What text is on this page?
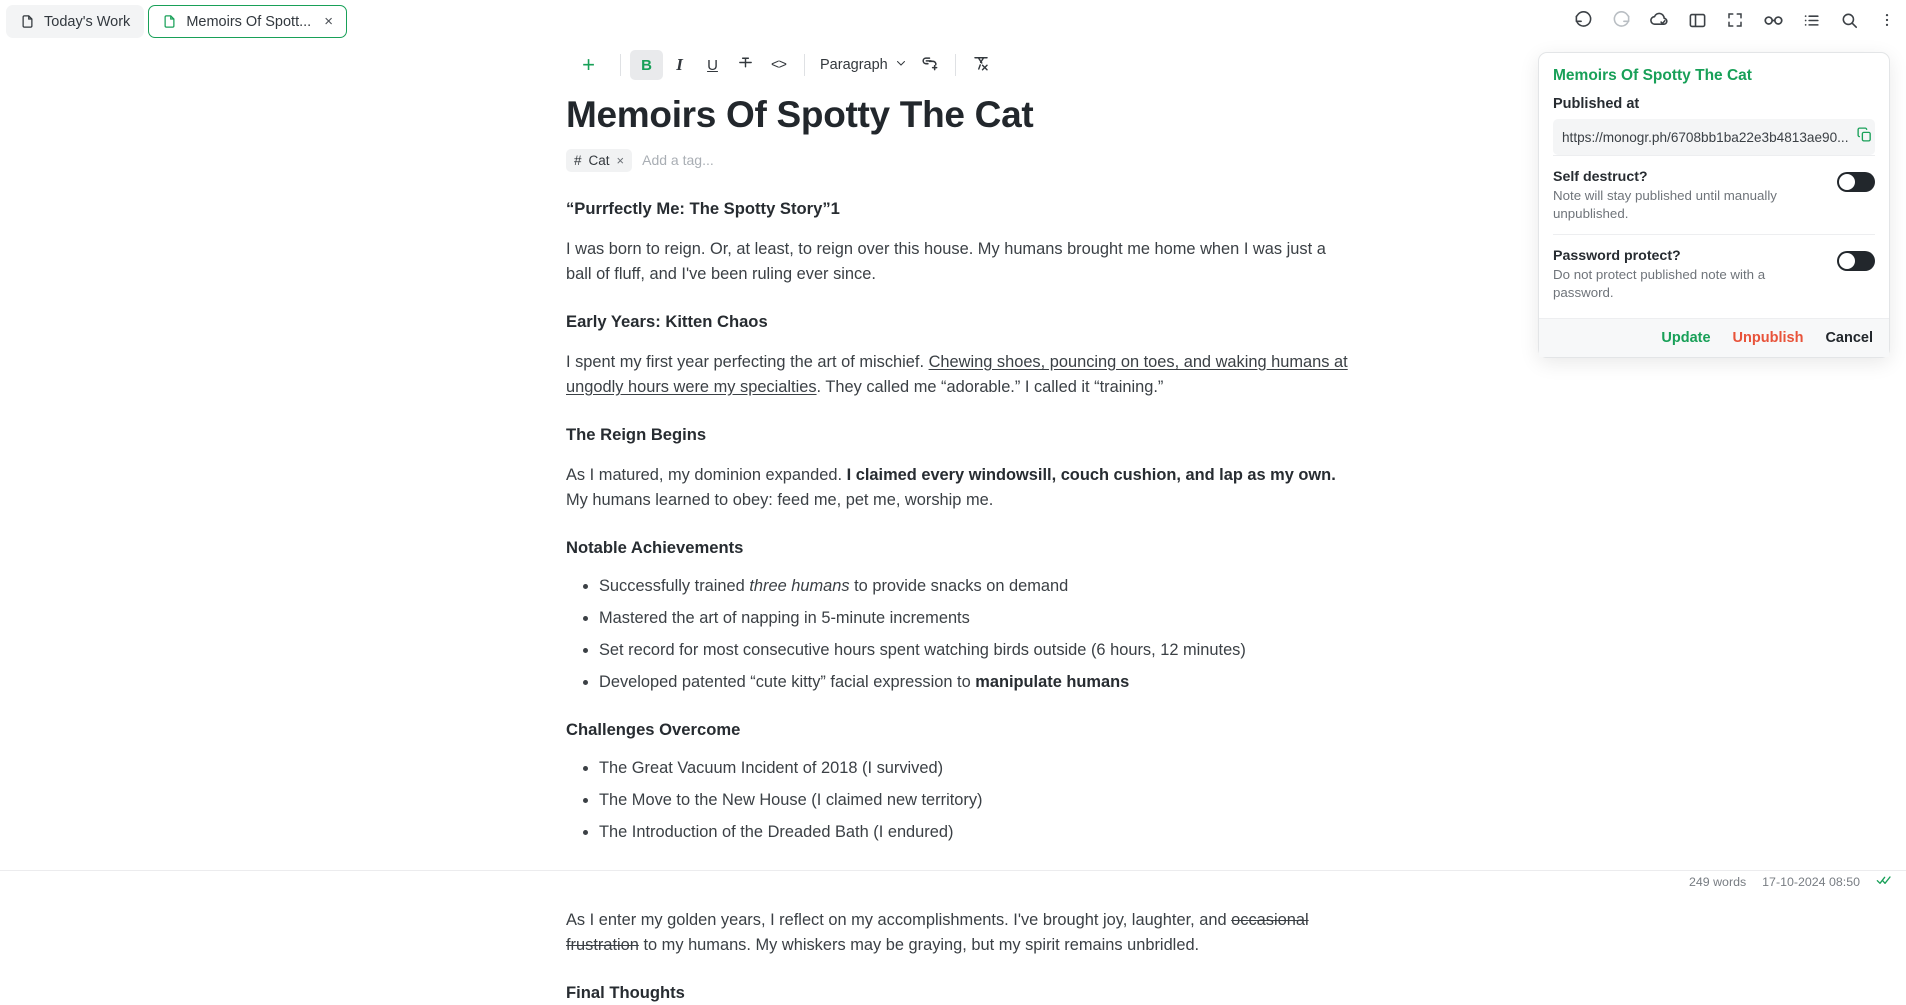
Today's Work	Memoirs Of Spott... ×
+	B I U	<> Paragraph
Memoirs Of Spotty The Cat
# Cat × Add a tag...
“Purrfectly Me: The Spotty Story”1

I was born to reign. Or, at least, to reign over this house. My humans brought me home when I was just a ball of fluff, and I've been ruling ever since.

Early Years: Kitten Chaos

I spent my first year perfecting the art of mischief. Chewing shoes, pouncing on toes, and waking humans at ungodly hours were my specialties. They called me “adorable.” I called it “training.”

The Reign Begins

As I matured, my dominion expanded. I claimed every windowsill, couch cushion, and lap as my own. My humans learned to obey: feed me, pet me, worship me.

Notable Achievements
• Successfully trained three humans to provide snacks on demand
• Mastered the art of napping in 5-minute increments
• Set record for most consecutive hours spent watching birds outside (6 hours, 12 minutes)
• Developed patented “cute kitty” facial expression to manipulate humans
Challenges Overcome
• The Great Vacuum Incident of 2018 (I survived)
• The Move to the New House (I claimed new territory)
• The Introduction of the Dreaded Bath (I endured)

As I enter my golden years, I reflect on my accomplishments. I've brought joy, laughter, and occasional frustration to my humans. My whiskers may be graying, but my spirit remains unbridled.

Final Thoughts
Memoirs Of Spotty The Cat
Published at
https://monogr.ph/6708bb1ba22e3b4813ae90...
Self destruct?
Note will stay published until manually unpublished.
Password protect?
Do not protect published note with a password.
Update Unpublish Cancel
249 words 17-10-2024 08:50
